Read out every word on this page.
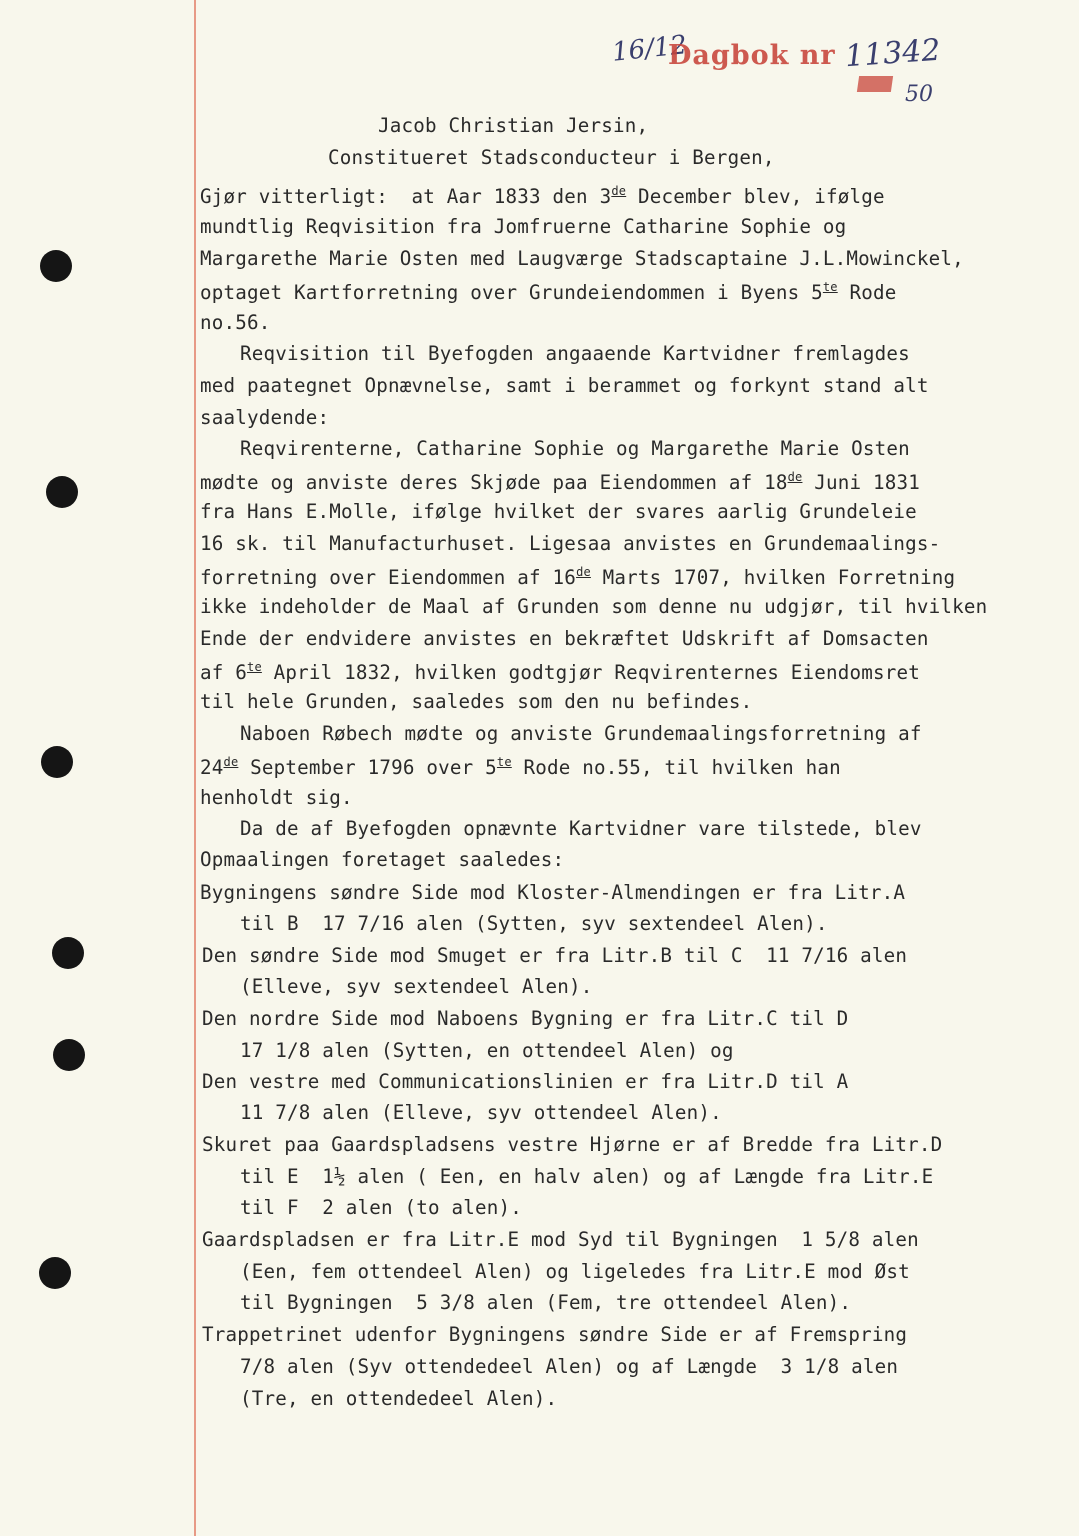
16/12
Dagbok nr 11342
50
Jacob Christian Jersin,
Constitueret Stadsconducteur i Bergen,
Gjør vitterligt:  at Aar 1833 den 3de December blev, ifølge
mundtlig Reqvisition fra Jomfruerne Catharine Sophie og
Margarethe Marie Osten med Laugværge Stadscaptaine J.L.Mowinckel,
optaget Kartforretning over Grundeiendommen i Byens $5^{te}$ Rode
no.56.
Reqvisition til Byefogden angaaende Kartvidner fremlagdes
med paategnet Opnævnelse, samt i berammet og forkynt stand alt
saalydende:
Reqvirenterne, Catharine Sophie og Margarethe Marie Osten
mødte og anviste deres Skjøde paa Eiendommen af 18de Juni 1831
fra Hans E.Molle, ifølge hvilket der svares aarlig Grundeleie
16 sk. til Manufacturhuset. Ligesaa anvistes en Grundemaalings-
forretning over Eiendommen af 16de Marts 1707, hvilken Forretning
ikke indeholder de Maal af Grunden som denne nu udgjør, til hvilken
Ende der endvidere anvistes en bekræftet Udskrift af Domsacten
af $6^{te}$ April 1832, hvilken godtgjør Reqvirenternes Eiendomsret
til hele Grunden, saaledes som den nu befindes.
Naboen Røbech mødte og anviste Grundemaalingsforretning af
24de September 1796 over $5^{te}$ Rode no.55, til hvilken han
henholdt sig.
Da de af Byefogden opnævnte Kartvidner vare tilstede, blev
Opmaalingen foretaget saaledes:
Bygningens søndre Side mod Kloster-Almendingen er fra Litr.A
til B  17 7/16 alen (Sytten, syv sextendeel Alen).
Den søndre Side mod Smuget er fra Litr.B til C  11 7/16 alen
(Elleve, syv sextendeel Alen).
Den nordre Side mod Naboens Bygning er fra Litr.C til D
17 1/8 alen (Sytten, en ottendeel Alen) og
Den vestre med Communicationslinien er fra Litr.D til A
11 7/8 alen (Elleve, syv ottendeel Alen).
Skuret paa Gaardspladsens vestre Hjørne er af Bredde fra Litr.D
til E  1½ alen ( Een, en halv alen) og af Længde fra Litr.E
til F  2 alen (to alen).
Gaardspladsen er fra Litr.E mod Syd til Bygningen  1 5/8 alen
(Een, fem ottendeel Alen) og ligeledes fra Litr.E mod Øst
til Bygningen  5 3/8 alen (Fem, tre ottendeel Alen).
Trappetrinet udenfor Bygningens søndre Side er af Fremspring
7/8 alen (Syv ottendedeel Alen) og af Længde  3 1/8 alen
(Tre, en ottendedeel Alen).
